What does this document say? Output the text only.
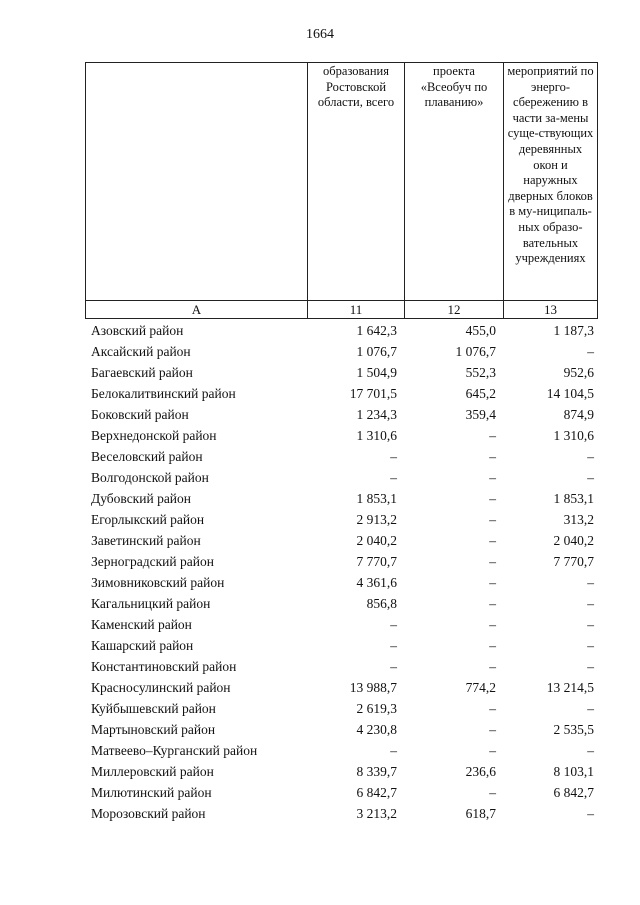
1664
	образования Ростовской области, всего	проекта «Всеобуч по плаванию»	мероприятий по энерго-сбережению в части за-мены суще-ствующих деревянных окон и наружных дверных блоков в му-ниципаль-ных образо-вательных учреждениях
А	11	12	13
Азовский район	1 642,3	455,0	1 187,3
Аксайский район	1 076,7	1 076,7	–
Багаевский район	1 504,9	552,3	952,6
Белокалитвинский район	17 701,5	645,2	14 104,5
Боковский район	1 234,3	359,4	874,9
Верхнедонской район	1 310,6	–	1 310,6
Веселовский район	–	–	–
Волгодонской район	–	–	–
Дубовский район	1 853,1	–	1 853,1
Егорлыкский район	2 913,2	–	313,2
Заветинский район	2 040,2	–	2 040,2
Зерноградский район	7 770,7	–	7 770,7
Зимовниковский район	4 361,6	–	–
Кагальницкий район	856,8	–	–
Каменский район	–	–	–
Кашарский район	–	–	–
Константиновский район	–	–	–
Красносулинский район	13 988,7	774,2	13 214,5
Куйбышевский район	2 619,3	–	–
Мартыновский район	4 230,8	–	2 535,5
Матвеево–Курганский район	–	–	–
Миллеровский район	8 339,7	236,6	8 103,1
Милютинский район	6 842,7	–	6 842,7
Морозовский район	3 213,2	618,7	–
